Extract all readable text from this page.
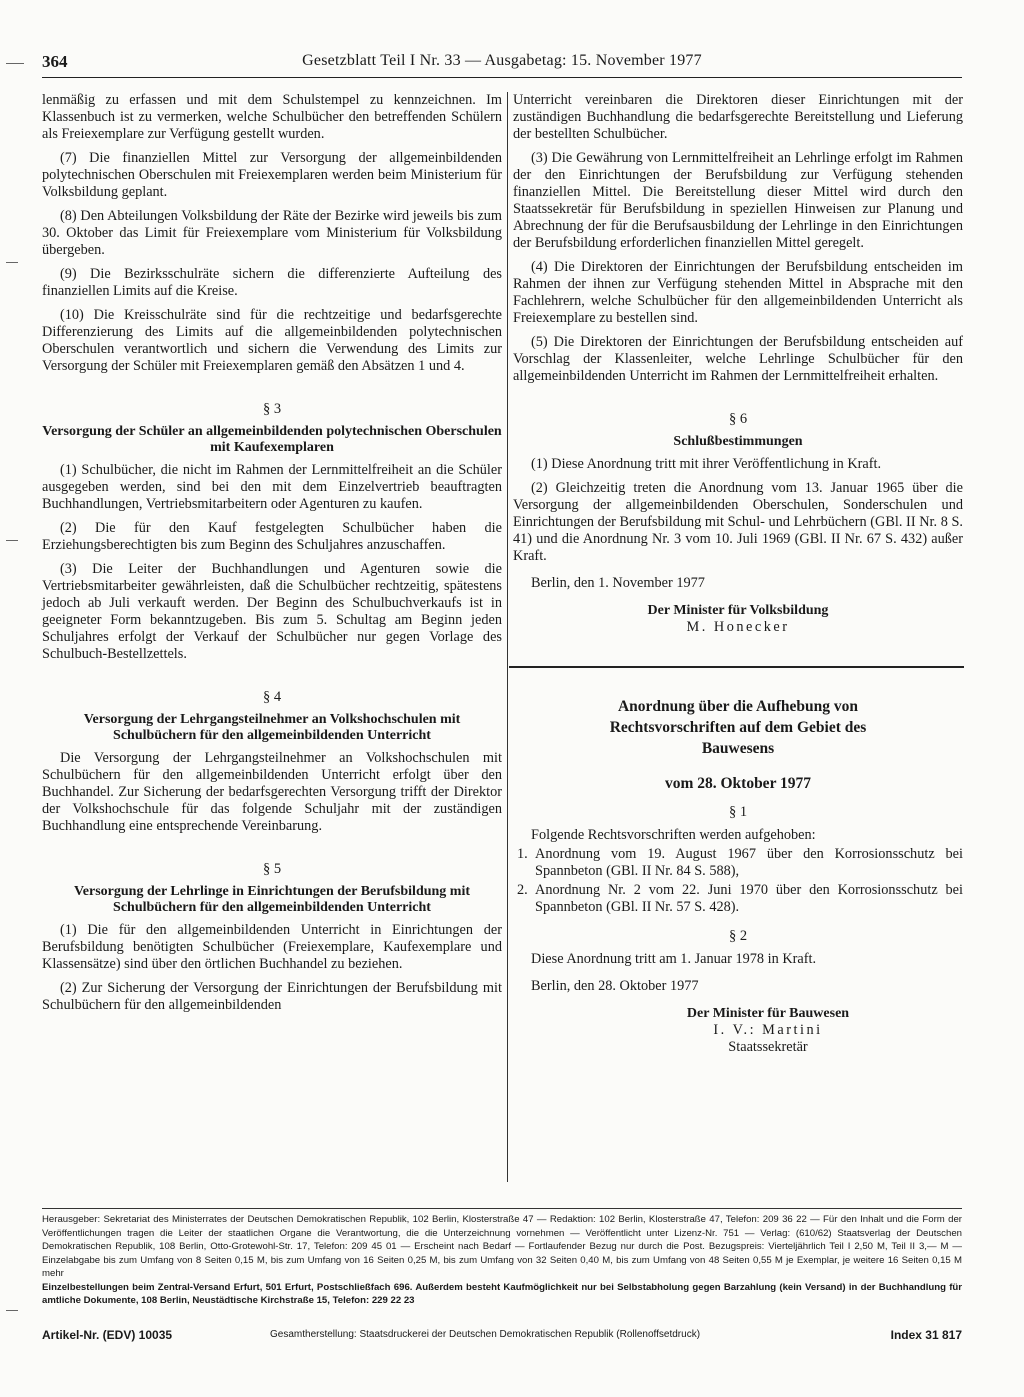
364	Gesetzblatt Teil I Nr. 33 — Ausgabetag: 15. November 1977

lenmäßig zu erfassen und mit dem Schulstempel zu kennzeichnen. Im Klassenbuch ist zu vermerken, welche Schulbücher den betreffenden Schülern als Freiexemplare zur Verfügung gestellt wurden.

(7) Die finanziellen Mittel zur Versorgung der allgemeinbildenden polytechnischen Oberschulen mit Freiexemplaren werden beim Ministerium für Volksbildung geplant.

(8) Den Abteilungen Volksbildung der Räte der Bezirke wird jeweils bis zum 30. Oktober das Limit für Freiexemplare vom Ministerium für Volksbildung übergeben.

(9) Die Bezirksschulräte sichern die differenzierte Aufteilung des finanziellen Limits auf die Kreise.

(10) Die Kreisschulräte sind für die rechtzeitige und bedarfsgerechte Differenzierung des Limits auf die allgemeinbildenden polytechnischen Oberschulen verantwortlich und sichern die Verwendung des Limits zur Versorgung der Schüler mit Freiexemplaren gemäß den Absätzen 1 und 4.

§ 3
Versorgung der Schüler an allgemeinbildenden polytechnischen Oberschulen mit Kaufexemplaren

(1) Schulbücher, die nicht im Rahmen der Lernmittelfreiheit an die Schüler ausgegeben werden, sind bei den mit dem Einzelvertrieb beauftragten Buchhandlungen, Vertriebsmitarbeitern oder Agenturen zu kaufen.

(2) Die für den Kauf festgelegten Schulbücher haben die Erziehungsberechtigten bis zum Beginn des Schuljahres anzuschaffen.

(3) Die Leiter der Buchhandlungen und Agenturen sowie die Vertriebsmitarbeiter gewährleisten, daß die Schulbücher rechtzeitig, spätestens jedoch ab Juli verkauft werden. Der Beginn des Schulbuchverkaufs ist in geeigneter Form bekanntzugeben. Bis zum 5. Schultag am Beginn jeden Schuljahres erfolgt der Verkauf der Schulbücher nur gegen Vorlage des Schulbuch-Bestellzettels.

§ 4
Versorgung der Lehrgangsteilnehmer an Volkshochschulen mit Schulbüchern für den allgemeinbildenden Unterricht

Die Versorgung der Lehrgangsteilnehmer an Volkshochschulen mit Schulbüchern für den allgemeinbildenden Unterricht erfolgt über den Buchhandel. Zur Sicherung der bedarfsgerechten Versorgung trifft der Direktor der Volkshochschule für das folgende Schuljahr mit der zuständigen Buchhandlung eine entsprechende Vereinbarung.

§ 5
Versorgung der Lehrlinge in Einrichtungen der Berufsbildung mit Schulbüchern für den allgemeinbildenden Unterricht

(1) Die für den allgemeinbildenden Unterricht in Einrichtungen der Berufsbildung benötigten Schulbücher (Freiexemplare, Kaufexemplare und Klassensätze) sind über den örtlichen Buchhandel zu beziehen.

(2) Zur Sicherung der Versorgung der Einrichtungen der Berufsbildung mit Schulbüchern für den allgemeinbildenden

Unterricht vereinbaren die Direktoren dieser Einrichtungen mit der zuständigen Buchhandlung die bedarfsgerechte Bereitstellung und Lieferung der bestellten Schulbücher.

(3) Die Gewährung von Lernmittelfreiheit an Lehrlinge erfolgt im Rahmen der den Einrichtungen der Berufsbildung zur Verfügung stehenden finanziellen Mittel. Die Bereitstellung dieser Mittel wird durch den Staatssekretär für Berufsbildung in speziellen Hinweisen zur Planung und Abrechnung der für die Berufsausbildung der Lehrlinge in den Einrichtungen der Berufsbildung erforderlichen finanziellen Mittel geregelt.

(4) Die Direktoren der Einrichtungen der Berufsbildung entscheiden im Rahmen der ihnen zur Verfügung stehenden Mittel in Absprache mit den Fachlehrern, welche Schulbücher für den allgemeinbildenden Unterricht als Freiexemplare zu bestellen sind.

(5) Die Direktoren der Einrichtungen der Berufsbildung entscheiden auf Vorschlag der Klassenleiter, welche Lehrlinge Schulbücher für den allgemeinbildenden Unterricht im Rahmen der Lernmittelfreiheit erhalten.

§ 6
Schlußbestimmungen

(1) Diese Anordnung tritt mit ihrer Veröffentlichung in Kraft.

(2) Gleichzeitig treten die Anordnung vom 13. Januar 1965 über die Versorgung der allgemeinbildenden Oberschulen, Sonderschulen und Einrichtungen der Berufsbildung mit Schul- und Lehrbüchern (GBl. II Nr. 8 S. 41) und die Anordnung Nr. 3 vom 10. Juli 1969 (GBl. II Nr. 67 S. 432) außer Kraft.

Berlin, den 1. November 1977

Der Minister für Volksbildung
M. Honecker
Anordnung über die Aufhebung von Rechtsvorschriften auf dem Gebiet des Bauwesens
vom 28. Oktober 1977
§ 1

Folgende Rechtsvorschriften werden aufgehoben:

1. Anordnung vom 19. August 1967 über den Korrosionsschutz bei Spannbeton (GBl. II Nr. 84 S. 588),
2. Anordnung Nr. 2 vom 22. Juni 1970 über den Korrosionsschutz bei Spannbeton (GBl. II Nr. 57 S. 428).
§ 2

Diese Anordnung tritt am 1. Januar 1978 in Kraft.

Berlin, den 28. Oktober 1977

Der Minister für Bauwesen
I. V.: Martini
Staatssekretär

Herausgeber: Sekretariat des Ministerrates der Deutschen Demokratischen Republik, 102 Berlin, Klosterstraße 47 — Redaktion: 102 Berlin, Klosterstraße 47, Telefon: 209 36 22 — Für den Inhalt und die Form der Veröffentlichungen tragen die Leiter der staatlichen Organe die Verantwortung, die die Unterzeichnung vornehmen — Veröffentlicht unter Lizenz-Nr. 751 — Verlag: (610/62) Staatsverlag der Deutschen Demokratischen Republik, 108 Berlin, Otto-Grotewohl-Str. 17, Telefon: 209 45 01 — Erscheint nach Bedarf — Fortlaufender Bezug nur durch die Post. Bezugspreis: Vierteljährlich Teil I 2,50 M, Teil II 3,— M — Einzelabgabe bis zum Umfang von 8 Seiten 0,15 M, bis zum Umfang von 16 Seiten 0,25 M, bis zum Umfang von 32 Seiten 0,40 M, bis zum Umfang von 48 Seiten 0,55 M je Exemplar, je weitere 16 Seiten 0,15 M mehr

Einzelbestellungen beim Zentral-Versand Erfurt, 501 Erfurt, Postschließfach 696. Außerdem besteht Kaufmöglichkeit nur bei Selbstabholung gegen Barzahlung (kein Versand) in der Buchhandlung für amtliche Dokumente, 108 Berlin, Neustädtische Kirchstraße 15, Telefon: 229 22 23

Artikel-Nr. (EDV) 10035	Gesamtherstellung: Staatsdruckerei der Deutschen Demokratischen Republik (Rollenoffsetdruck)	Index 31 817
